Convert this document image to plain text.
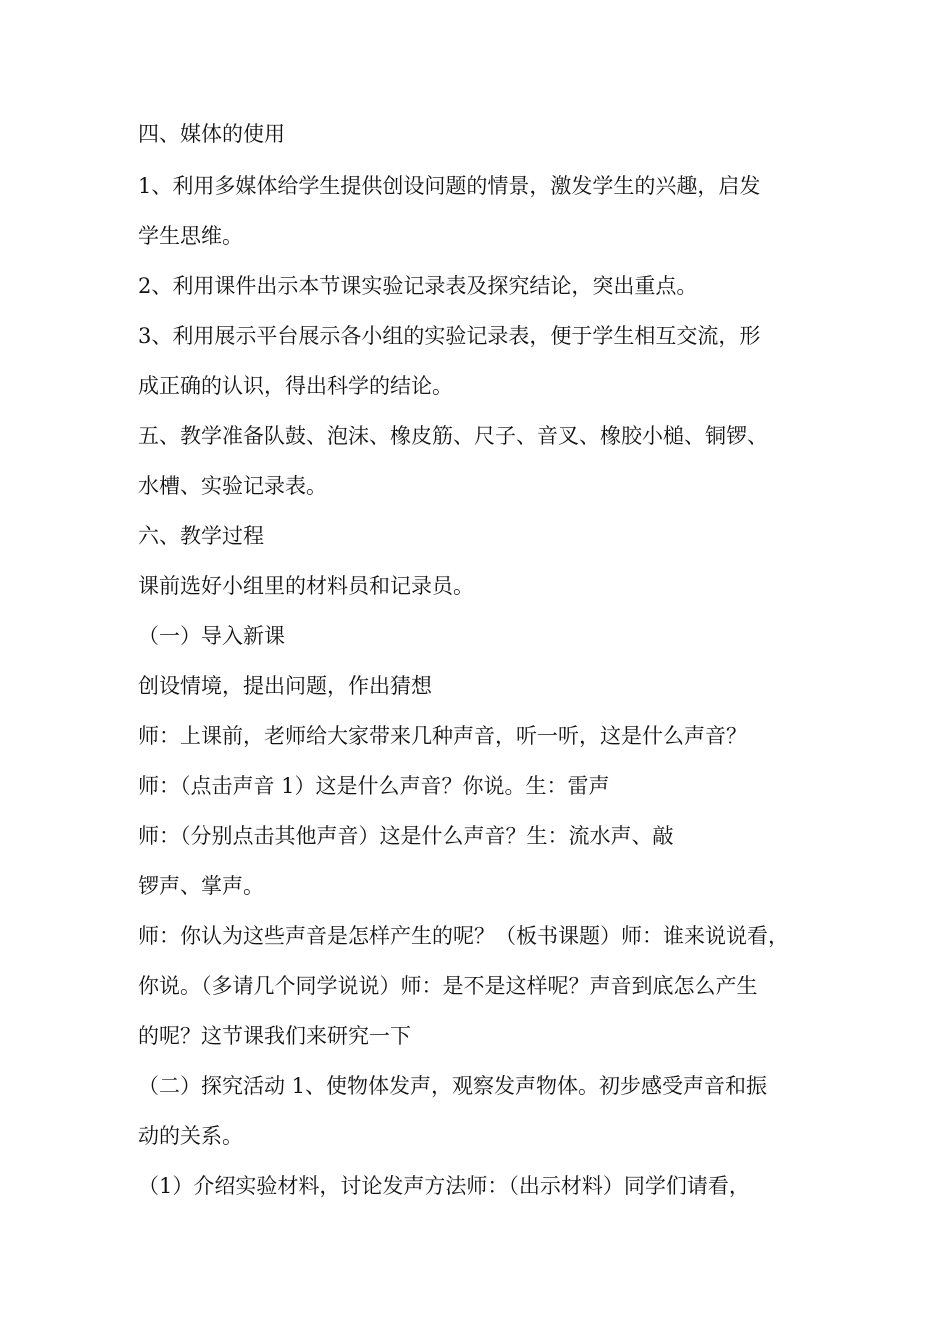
四、媒体的使用

1、利用多媒体给学生提供创设问题的情景，激发学生的兴趣，启发

学生思维。

2、利用课件出示本节课实验记录表及探究结论，突出重点。

3、利用展示平台展示各小组的实验记录表，便于学生相互交流，形

成正确的认识，得出科学的结论。

五、教学准备队鼓、泡沫、橡皮筋、尺子、音叉、橡胶小槌、铜锣、

水槽、实验记录表。

六、教学过程

课前选好小组里的材料员和记录员。

（一）导入新课

创设情境，提出问题，作出猜想

师：上课前，老师给大家带来几种声音，听一听，这是什么声音？

师：（点击声音 1）这是什么声音？你说。生：雷声

师：（分别点击其他声音）这是什么声音？生：流水声、敲

锣声、掌声。

师：你认为这些声音是怎样产生的呢？（板书课题）师：谁来说说看，

你说。（多请几个同学说说）师：是不是这样呢？声音到底怎么产生

的呢？这节课我们来研究一下

（二）探究活动 1、使物体发声，观察发声物体。初步感受声音和振

动的关系。

（1）介绍实验材料，讨论发声方法师：（出示材料）同学们请看，
